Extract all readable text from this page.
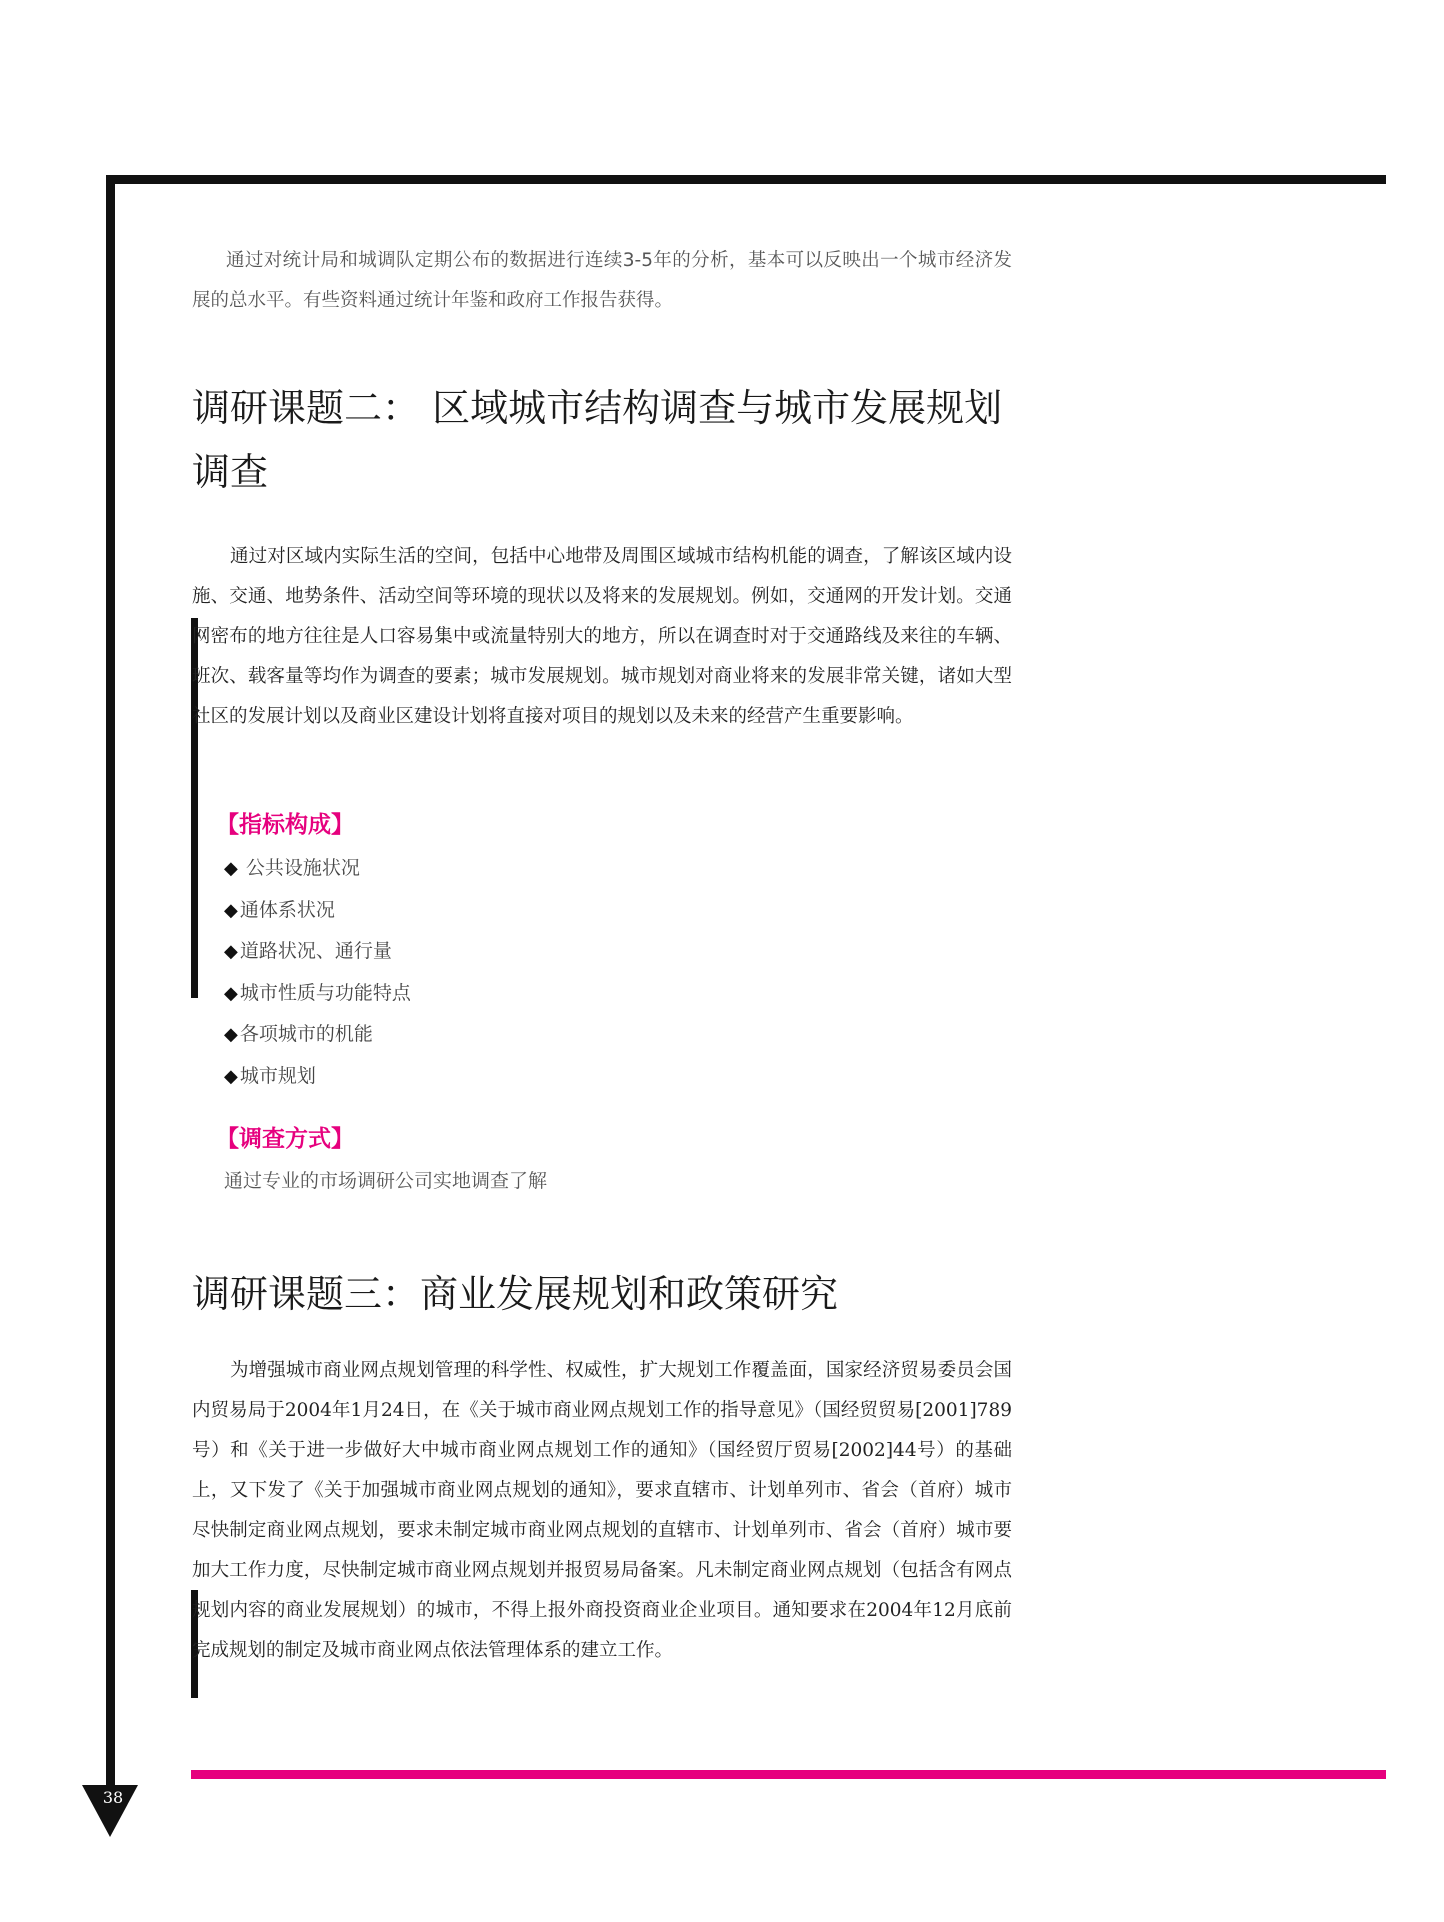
38

通过对统计局和城调队定期公布的数据进行连续3-5年的分析，基本可以反映出一个城市经济发展的总水平。有些资料通过统计年鉴和政府工作报告获得。

调研课题二： 区域城市结构调查与城市发展规划调查

通过对区域内实际生活的空间，包括中心地带及周围区域城市结构机能的调查，了解该区域内设施、交通、地势条件、活动空间等环境的现状以及将来的发展规划。例如，交通网的开发计划。交通网密布的地方往往是人口容易集中或流量特别大的地方，所以在调查时对于交通路线及来往的车辆、班次、载客量等均作为调查的要素；城市发展规划。城市规划对商业将来的发展非常关键，诸如大型社区的发展计划以及商业区建设计划将直接对项目的规划以及未来的经营产生重要影响。

【指标构成】
◆ 公共设施状况
◆ 通体系状况
◆ 道路状况、通行量
◆ 城市性质与功能特点
◆ 各项城市的机能
◆ 城市规划
【调查方式】

通过专业的市场调研公司实地调查了解

调研课题三：商业发展规划和政策研究

为增强城市商业网点规划管理的科学性、权威性，扩大规划工作覆盖面，国家经济贸易委员会国内贸易局于2004年1月24日，在《关于城市商业网点规划工作的指导意见》（国经贸贸易[2001]789号）和《关于进一步做好大中城市商业网点规划工作的通知》（国经贸厅贸易[2002]44号）的基础上，又下发了《关于加强城市商业网点规划的通知》，要求直辖市、计划单列市、省会（首府）城市尽快制定商业网点规划，要求未制定城市商业网点规划的直辖市、计划单列市、省会（首府）城市要加大工作力度，尽快制定城市商业网点规划并报贸易局备案。凡未制定商业网点规划（包括含有网点规划内容的商业发展规划）的城市，不得上报外商投资商业企业项目。通知要求在2004年12月底前完成规划的制定及城市商业网点依法管理体系的建立工作。
